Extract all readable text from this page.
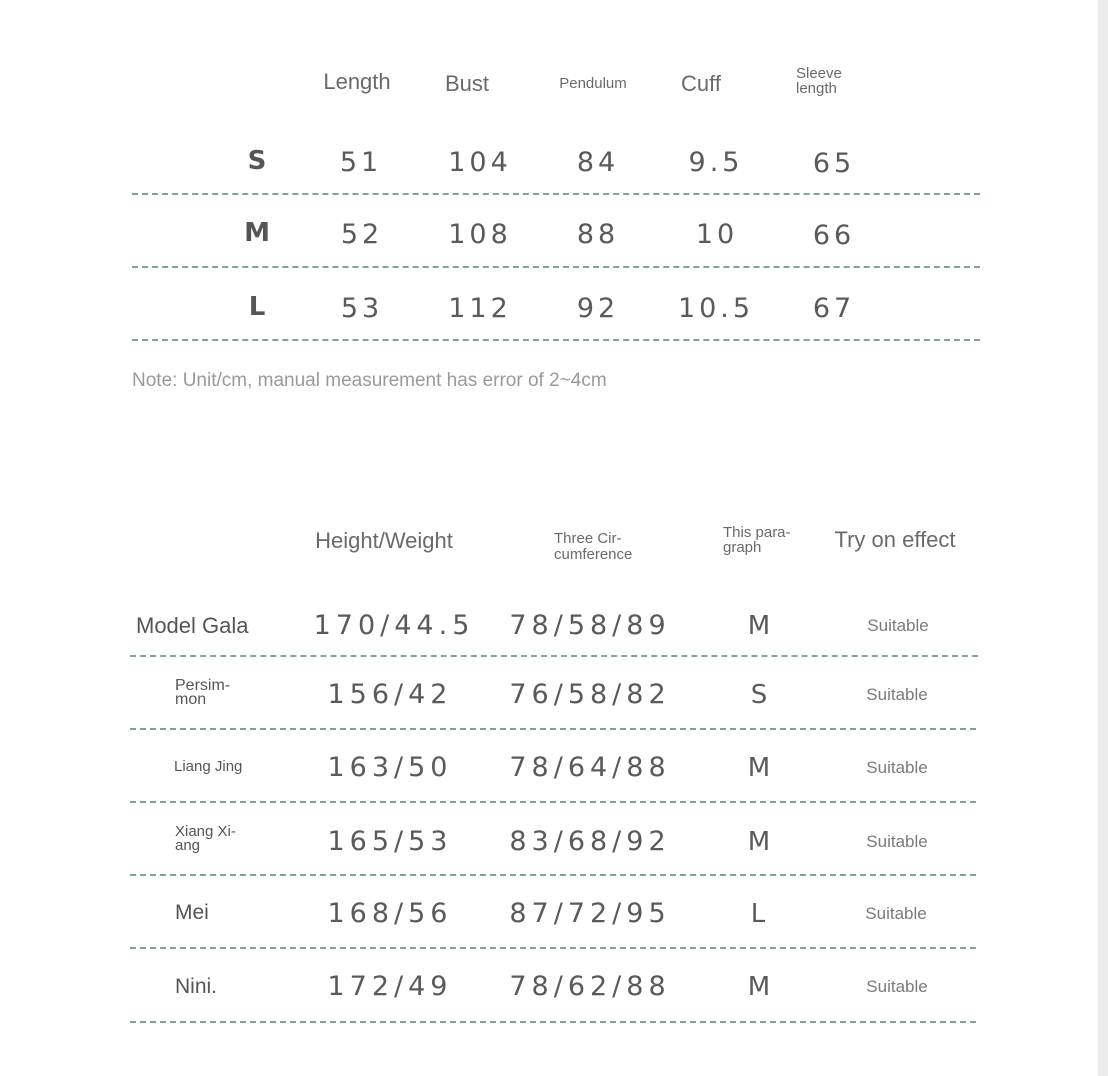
Length Bust	Pendulum Cuff	Sleeve
length
S	51 104 84	9.5	65
M	52 108 88	10	66
L	53 112 92 10.5 67
Note: Unit/cm, manual measurement has error of 2~4cm
Height/Weight	Three Cir-
cumference
This para-
graph	Try on effect
Model Gala 170/44.5 78/58/89	M	Suitable
Persim-
mon	156/42 76/58/82	S	Suitable
Liang Jing	163/50 78/64/88	M	Suitable
Xiang Xi-
ang	165/53 83/68/92	M	Suitable
Mei	168/56 87/72/95	L	Suitable
Nini.	172/49 78/62/88	M	Suitable
